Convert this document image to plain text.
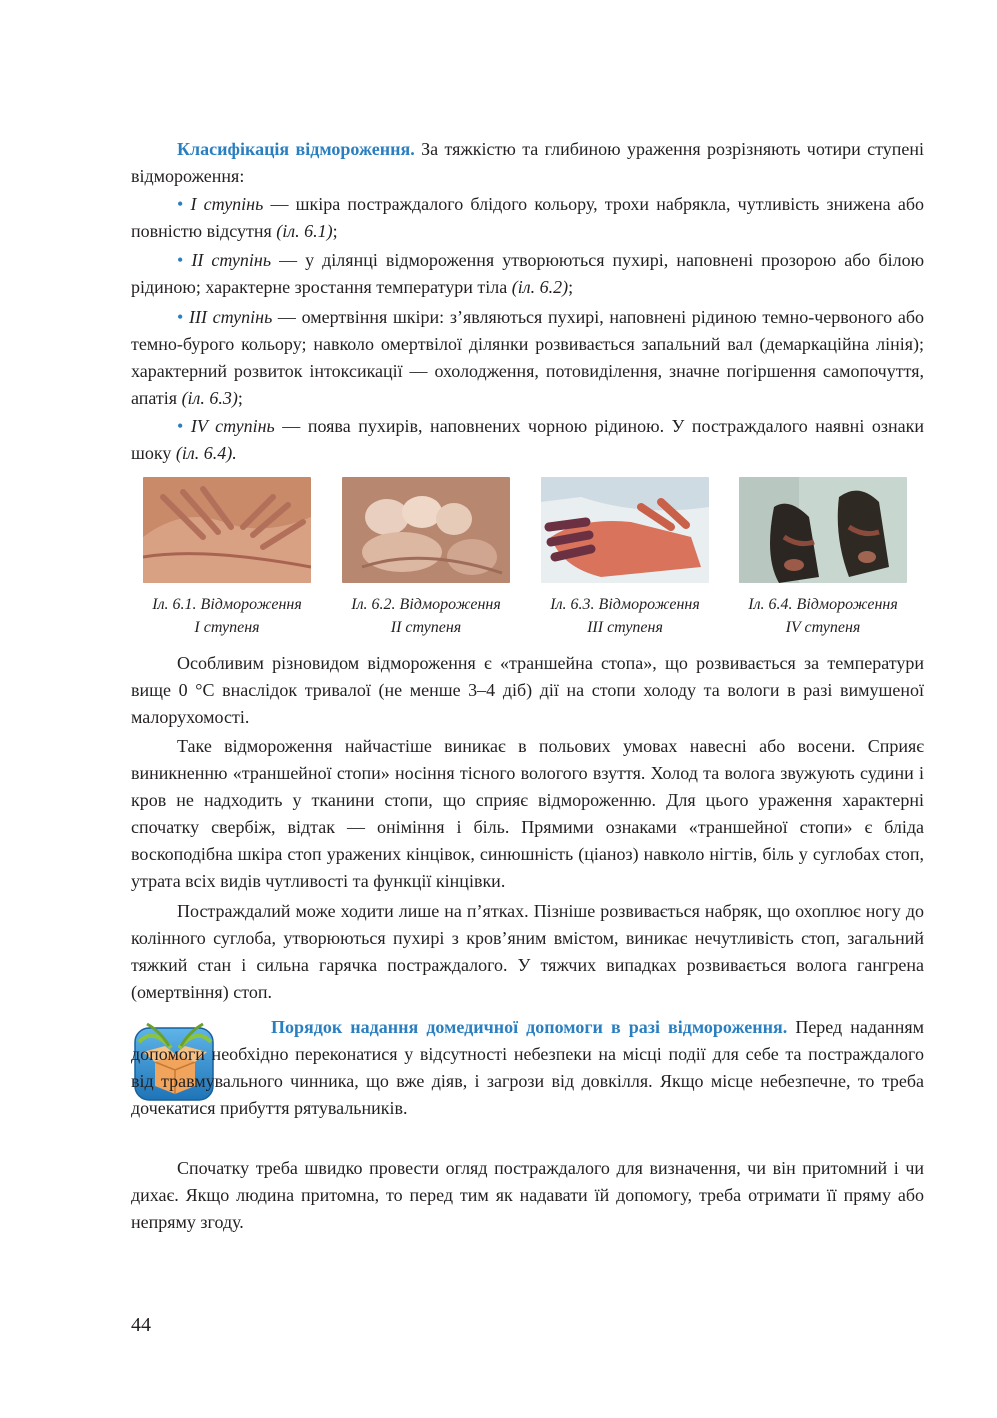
Класифікація відмороження. За тяжкістю та глибиною ураження розрізняють чотири ступені відмороження:

• I ступінь — шкіра постраждалого блідого кольору, трохи набрякла, чутливість знижена або повністю відсутня (іл. 6.1);

• II ступінь — у ділянці відмороження утворюються пухирі, наповнені прозорою або білою рідиною; характерне зростання температури тіла (іл. 6.2);

• III ступінь — омертвіння шкіри: з’являються пухирі, наповнені рідиною темно-червоного або темно-бурого кольору; навколо омертвілої ділянки розвивається запальний вал (демаркаційна лінія); характерний розвиток інтоксикації — охолодження, потовиділення, значне погіршення самопочуття, апатія (іл. 6.3);

• IV ступінь — поява пухирів, наповнених чорною рідиною. У постраждалого наявні ознаки шоку (іл. 6.4).

Іл. 6.1. Відмороження
I ступеня
Іл. 6.2. Відмороження
II ступеня
Іл. 6.3. Відмороження
III ступеня
Іл. 6.4. Відмороження
IV ступеня

Особливим різновидом відмороження є «траншейна стопа», що розвивається за температури вище 0 °С внаслідок тривалої (не менше 3–4 діб) дії на стопи холоду та вологи в разі вимушеної малорухомості.

Таке відмороження найчастіше виникає в польових умовах навесні або восени. Сприяє виникненню «траншейної стопи» носіння тісного вологого взуття. Холод та волога звужують судини і кров не надходить у тканини стопи, що сприяє відмороженню. Для цього ураження характерні спочатку свербіж, відтак — оніміння і біль. Прямими ознаками «траншейної стопи» є бліда воскоподібна шкіра стоп уражених кінцівок, синюшність (ціаноз) навколо нігтів, біль у суглобах стоп, утрата всіх видів чутливості та функції кінцівки.

Постраждалий може ходити лише на п’ятках. Пізніше розвивається набряк, що охоплює ногу до колінного суглоба, утворюються пухирі з кров’яним вмістом, виникає нечутливість стоп, загальний тяжкий стан і сильна гарячка постраждалого. У тяжчих випадках розвивається волога гангрена (омертвіння) стоп.

Порядок надання домедичної допомоги в разі відмороження. Перед наданням допомоги необхідно переконатися у відсутності небезпеки на місці події для себе та постраждалого від травмувального чинника, що вже діяв, і загрози від довкілля. Якщо місце небезпечне, то треба дочекатися прибуття рятувальників.

Спочатку треба швидко провести огляд постраждалого для визначення, чи він притомний і чи дихає. Якщо людина притомна, то перед тим як надавати їй допомогу, треба отримати її пряму або непряму згоду.

44
